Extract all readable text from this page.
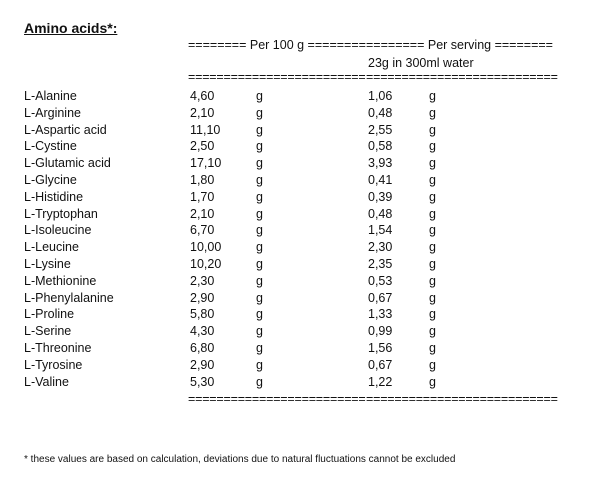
Amino acids*:
======== Per 100 g ======== ======== Per serving ========
23g in 300ml water
========================= ===========================
L-Alanine	4,60	g	1,06	g
L-Arginine	2,10	g	0,48	g
L-Aspartic acid	11,10	g	2,55	g
L-Cystine	2,50	g	0,58	g
L-Glutamic acid	17,10	g	3,93	g
L-Glycine	1,80	g	0,41	g
L-Histidine	1,70	g	0,39	g
L-Tryptophan	2,10	g	0,48	g
L-Isoleucine	6,70	g	1,54	g
L-Leucine	10,00	g	2,30	g
L-Lysine	10,20	g	2,35	g
L-Methionine	2,30	g	0,53	g
L-Phenylalanine	2,90	g	0,67	g
L-Proline	5,80	g	1,33	g
L-Serine	4,30	g	0,99	g
L-Threonine	6,80	g	1,56	g
L-Tyrosine	2,90	g	0,67	g
L-Valine	5,30	g	1,22	g
========================= ===========================
* these values are based on calculation, deviations due to natural fluctuations cannot be excluded
